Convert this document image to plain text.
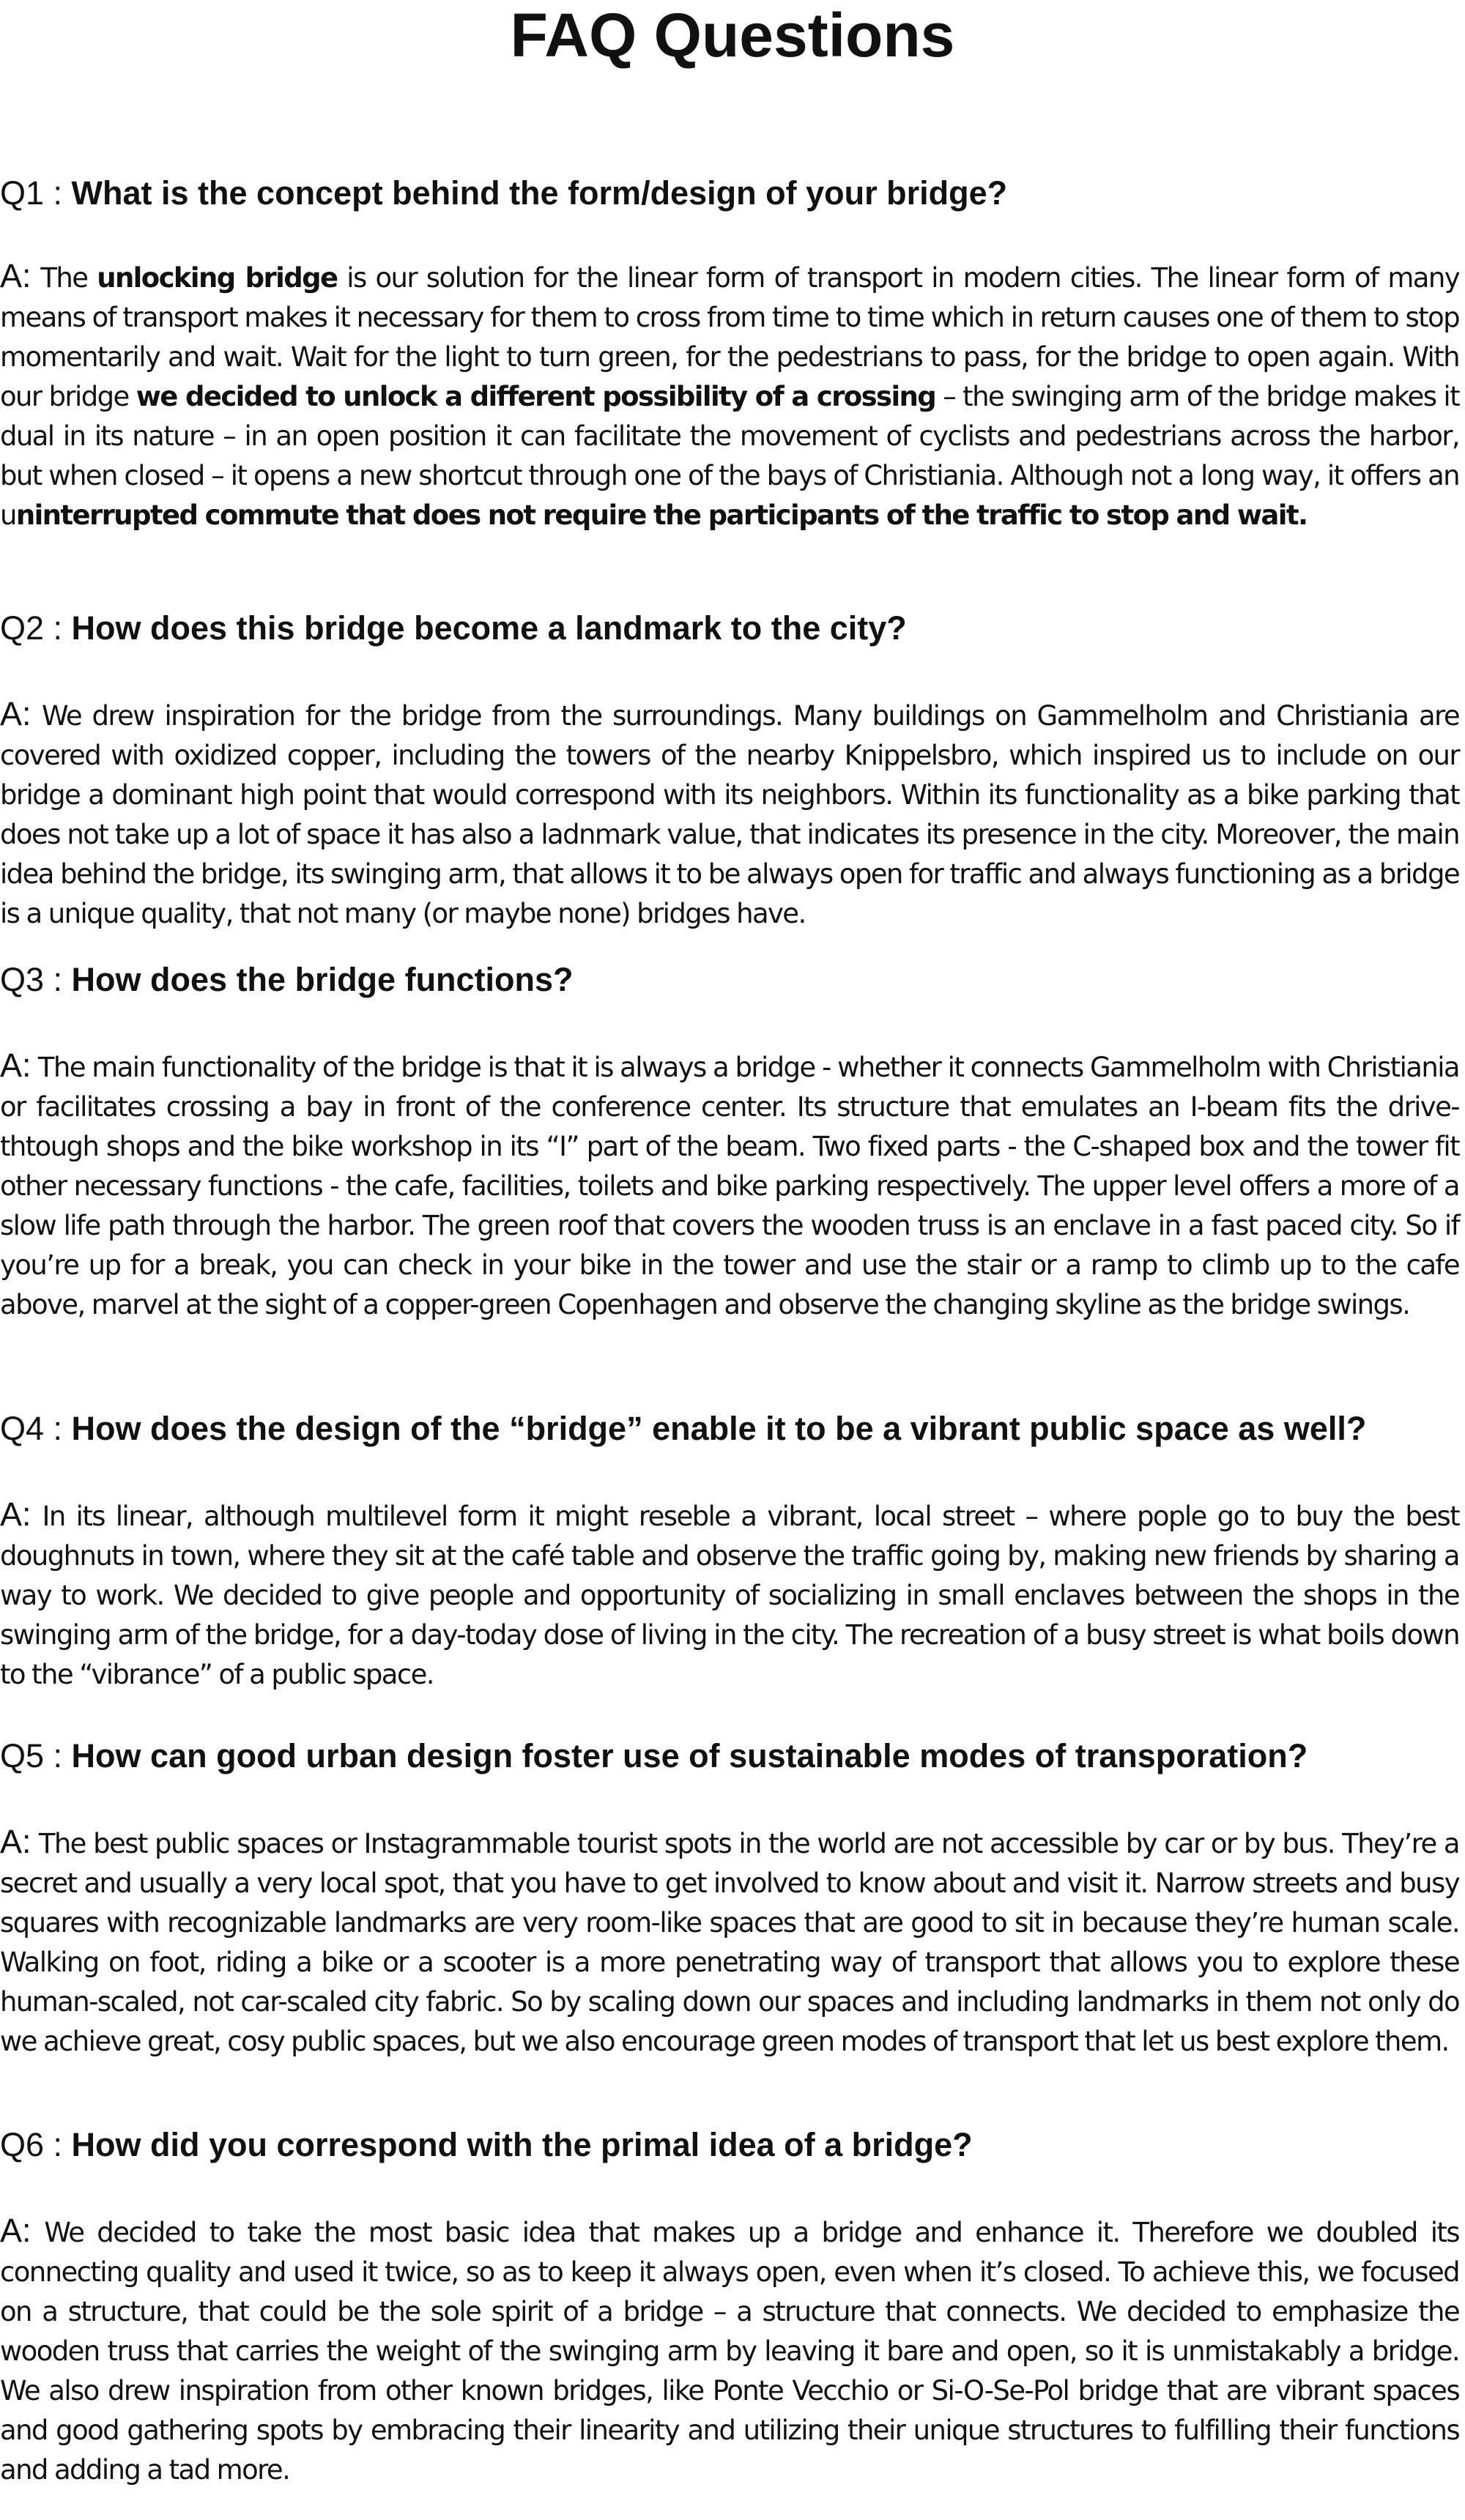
FAQ Questions
Q1 : What is the concept behind the form/design of your bridge?

A: The unlocking bridge is our solution for the linear form of transport in modern cities. The linear form of many means of transport makes it necessary for them to cross from time to time which in return causes one of them to stop momentarily and wait. Wait for the light to turn green, for the pedestrians to pass, for the bridge to open again. With our bridge we decided to unlock a different possibility of a crossing – the swinging arm of the bridge makes it dual in its nature – in an open position it can facilitate the movement of cyclists and pedestrians across the harbor, but when closed – it opens a new shortcut through one of the bays of Christiania. Although not a long way, it offers an uninterrupted commute that does not require the participants of the traffic to stop and wait.

Q2 : How does this bridge become a landmark to the city?

A: We drew inspiration for the bridge from the surroundings. Many buildings on Gammelholm and Christiania are covered with oxidized copper, including the towers of the nearby Knippelsbro, which inspired us to include on our bridge a dominant high point that would correspond with its neighbors. Within its functionality as a bike parking that does not take up a lot of space it has also a ladnmark value, that indicates its presence in the city. Moreover, the main idea behind the bridge, its swinging arm, that allows it to be always open for traffic and always functioning as a bridge is a unique quality, that not many (or maybe none) bridges have.

Q3 : How does the bridge functions?

A: The main functionality of the bridge is that it is always a bridge - whether it connects Gammelholm with Christiania or facilitates crossing a bay in front of the conference center. Its structure that emulates an I-beam fits the drive-thtough shops and the bike workshop in its “I” part of the beam. Two fixed parts - the C-shaped box and the tower fit other necessary functions - the cafe, facilities, toilets and bike parking respectively. The upper level offers a more of a slow life path through the harbor. The green roof that covers the wooden truss is an enclave in a fast paced city. So if you’re up for a break, you can check in your bike in the tower and use the stair or a ramp to climb up to the cafe above, marvel at the sight of a copper-green Copenhagen and observe the changing skyline as the bridge swings.

Q4 : How does the design of the “bridge” enable it to be a vibrant public space as well?

A: In its linear, although multilevel form it might reseble a vibrant, local street – where pople go to buy the best doughnuts in town, where they sit at the café table and observe the traffic going by, making new friends by sharing a way to work. We decided to give people and opportunity of socializing in small enclaves between the shops in the swinging arm of the bridge, for a day-today dose of living in the city. The recreation of a busy street is what boils down to the “vibrance” of a public space.

Q5 : How can good urban design foster use of sustainable modes of transporation?

A: The best public spaces or Instagrammable tourist spots in the world are not accessible by car or by bus. They’re a secret and usually a very local spot, that you have to get involved to know about and visit it. Narrow streets and busy squares with recognizable landmarks are very room-like spaces that are good to sit in because they’re human scale. Walking on foot, riding a bike or a scooter is a more penetrating way of transport that allows you to explore these human-scaled, not car-scaled city fabric. So by scaling down our spaces and including landmarks in them not only do we achieve great, cosy public spaces, but we also encourage green modes of transport that let us best explore them.

Q6 : How did you correspond with the primal idea of a bridge?

A: We decided to take the most basic idea that makes up a bridge and enhance it. Therefore we doubled its connecting quality and used it twice, so as to keep it always open, even when it’s closed. To achieve this, we focused on a structure, that could be the sole spirit of a bridge – a structure that connects. We decided to emphasize the wooden truss that carries the weight of the swinging arm by leaving it bare and open, so it is unmistakably a bridge. We also drew inspiration from other known bridges, like Ponte Vecchio or Si-O-Se-Pol bridge that are vibrant spaces and good gathering spots by embracing their linearity and utilizing their unique structures to fulfilling their functions and adding a tad more.
